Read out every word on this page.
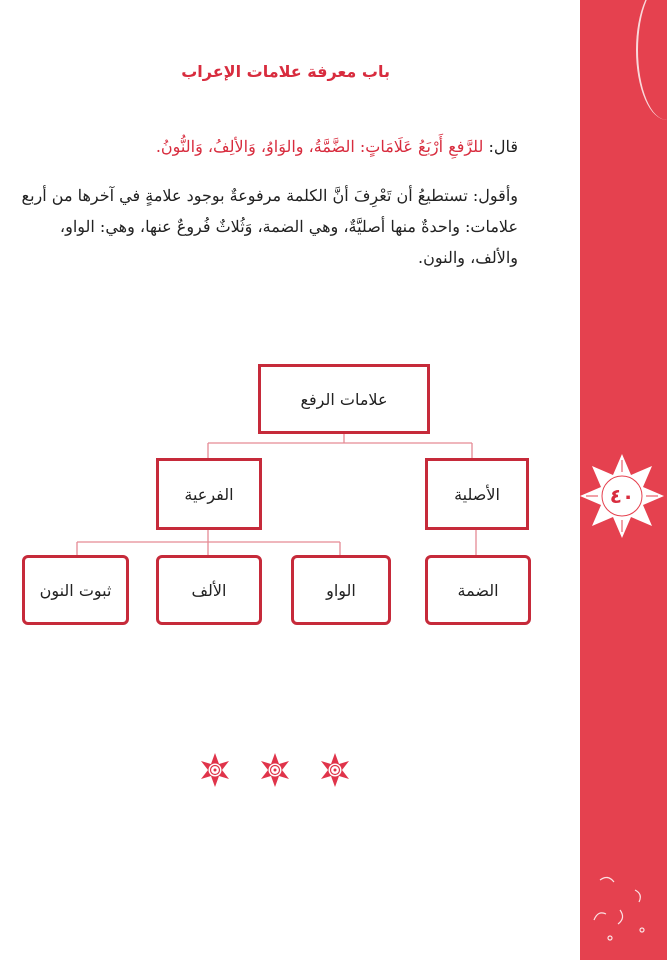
باب معرفة علامات الإعراب

قال: للرَّفعِ أَرْبَعُ عَلَامَاتٍ: الضَّمَّةُ، والوَاوُ، وَالألِفُ، وَالنُّونُ.

وأقول: تستطيعُ أن تَعْرِفَ أنَّ الكلمة مرفوعةٌ بوجود علامةٍ في آخرها من أربع علامات: واحدةٌ منها أصليَّةٌ، وهي الضمة، وَثُلاثٌ فُروعٌ عنها، وهي: الواو، والألف، والنون.

علامات الرفع
الأصلية
الفرعية
الضمة
الواو
الألف
ثبوت النون
٤٠
